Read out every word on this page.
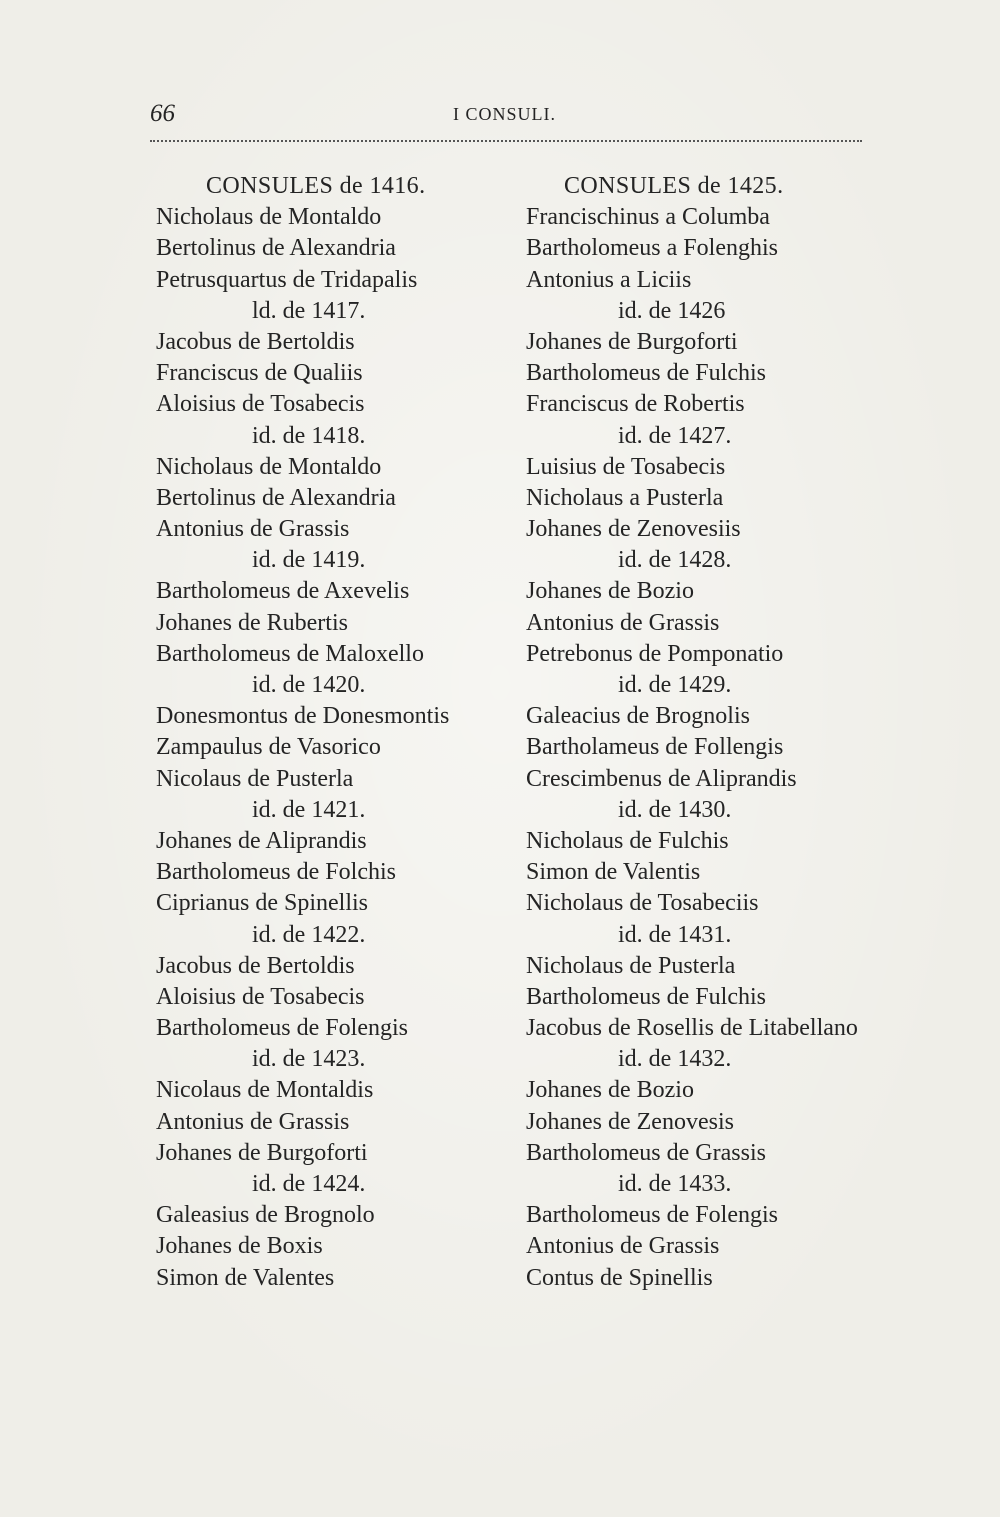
66	I CONSULI.
CONSULES de 1416.
Nicholaus de Montaldo
Bertolinus de Alexandria
Petrusquartus de Tridapalis
ld. de 1417.
Jacobus de Bertoldis
Franciscus de Qualiis
Aloisius de Tosabecis
id. de 1418.
Nicholaus de Montaldo
Bertolinus de Alexandria
Antonius de Grassis
id. de 1419.
Bartholomeus de Axevelis
Johanes de Rubertis
Bartholomeus de Maloxello
id. de 1420.
Donesmontus de Donesmontis
Zampaulus de Vasorico
Nicolaus de Pusterla
id. de 1421.
Johanes de Aliprandis
Bartholomeus de Folchis
Ciprianus de Spinellis
id. de 1422.
Jacobus de Bertoldis
Aloisius de Tosabecis
Bartholomeus de Folengis
id. de 1423.
Nicolaus de Montaldis
Antonius de Grassis
Johanes de Burgoforti
id. de 1424.
Galeasius de Brognolo
Johanes de Boxis
Simon de Valentes
CONSULES de 1425.
Francischinus a Columba
Bartholomeus a Folenghis
Antonius a Liciis
id. de 1426
Johanes de Burgoforti
Bartholomeus de Fulchis
Franciscus de Robertis
id. de 1427.
Luisius de Tosabecis
Nicholaus a Pusterla
Johanes de Zenovesiis
id. de 1428.
Johanes de Bozio
Antonius de Grassis
Petrebonus de Pomponatio
id. de 1429.
Galeacius de Brognolis
Bartholameus de Follengis
Crescimbenus de Aliprandis
id. de 1430.
Nicholaus de Fulchis
Simon de Valentis
Nicholaus de Tosabeciis
id. de 1431.
Nicholaus de Pusterla
Bartholomeus de Fulchis
Jacobus de Rosellis de Litabellano
id. de 1432.
Johanes de Bozio
Johanes de Zenovesis
Bartholomeus de Grassis
id. de 1433.
Bartholomeus de Folengis
Antonius de Grassis
Contus de Spinellis
